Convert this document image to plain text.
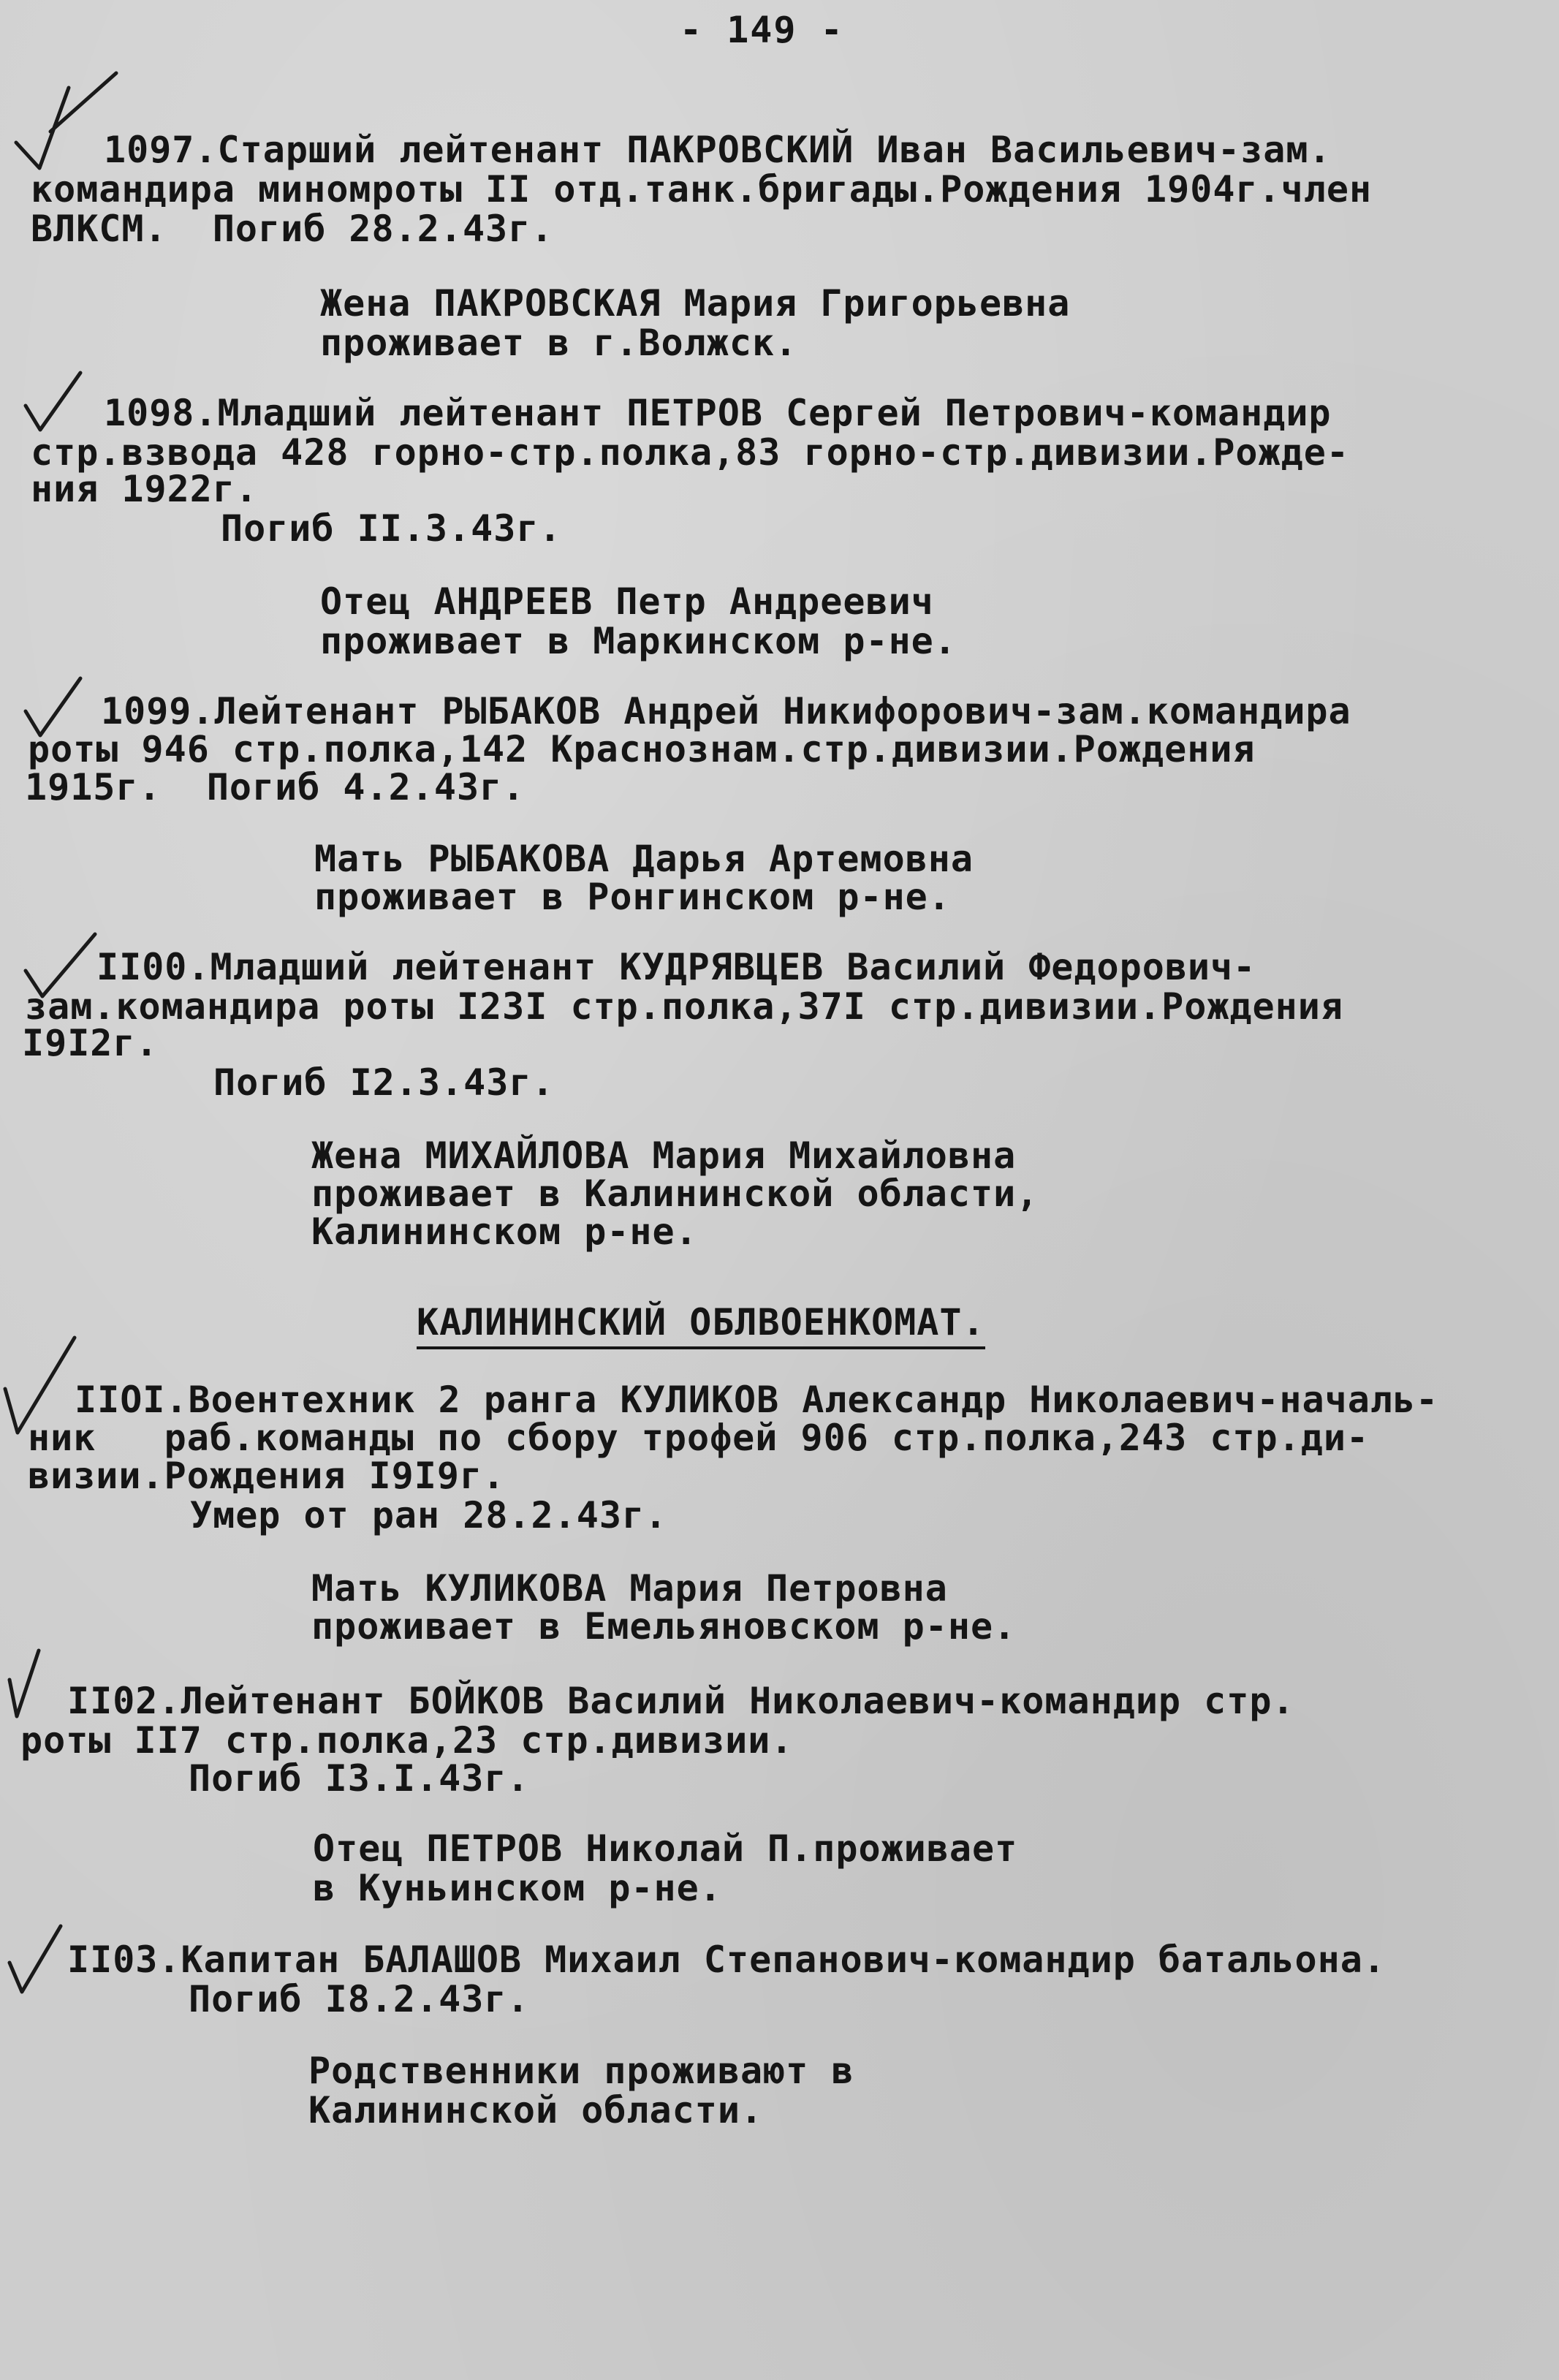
- 149 -
1097.Старший лейтенант ПАКРОВСКИЙ Иван Васильевич-зам.
командира миномроты II отд.танк.бригады.Рождения 1904г.член
ВЛКСМ.  Погиб 28.2.43г.
Жена ПАКРОВСКАЯ Мария Григорьевна
проживает в г.Волжск.
1098.Младший лейтенант ПЕТРОВ Сергей Петрович-командир
стр.взвода 428 горно-стр.полка,83 горно-стр.дивизии.Рожде-
ния 1922г.
Погиб II.3.43г.
Отец АНДРЕЕВ Петр Андреевич
проживает в Маркинском р-не.
1099.Лейтенант РЫБАКОВ Андрей Никифорович-зам.командира
роты 946 стр.полка,142 Краснознам.стр.дивизии.Рождения
1915г.  Погиб 4.2.43г.
Мать РЫБАКОВА Дарья Артемовна
проживает в Ронгинском р-не.
II00.Младший лейтенант КУДРЯВЦЕВ Василий Федорович-
зам.командира роты I23I стр.полка,37I стр.дивизии.Рождения
I9I2г.
Погиб I2.3.43г.
Жена МИХАЙЛОВА Мария Михайловна
проживает в Калининской области,
Калининском р-не.
КАЛИНИНСКИЙ ОБЛВОЕНКОМАТ.
IIOI.Воентехник 2 ранга КУЛИКОВ Александр Николаевич-началь-
ник   раб.команды по сбору трофей 906 стр.полка,243 стр.ди-
визии.Рождения I9I9г.
Умер от ран 28.2.43г.
Мать КУЛИКОВА Мария Петровна
проживает в Емельяновском р-не.
II02.Лейтенант БОЙКОВ Василий Николаевич-командир стр.
роты II7 стр.полка,23 стр.дивизии.
Погиб I3.I.43г.
Отец ПЕТРОВ Николай П.проживает
в Куньинском р-не.
II03.Капитан БАЛАШОВ Михаил Степанович-командир батальона.
Погиб I8.2.43г.
Родственники проживают в
Калининской области.
